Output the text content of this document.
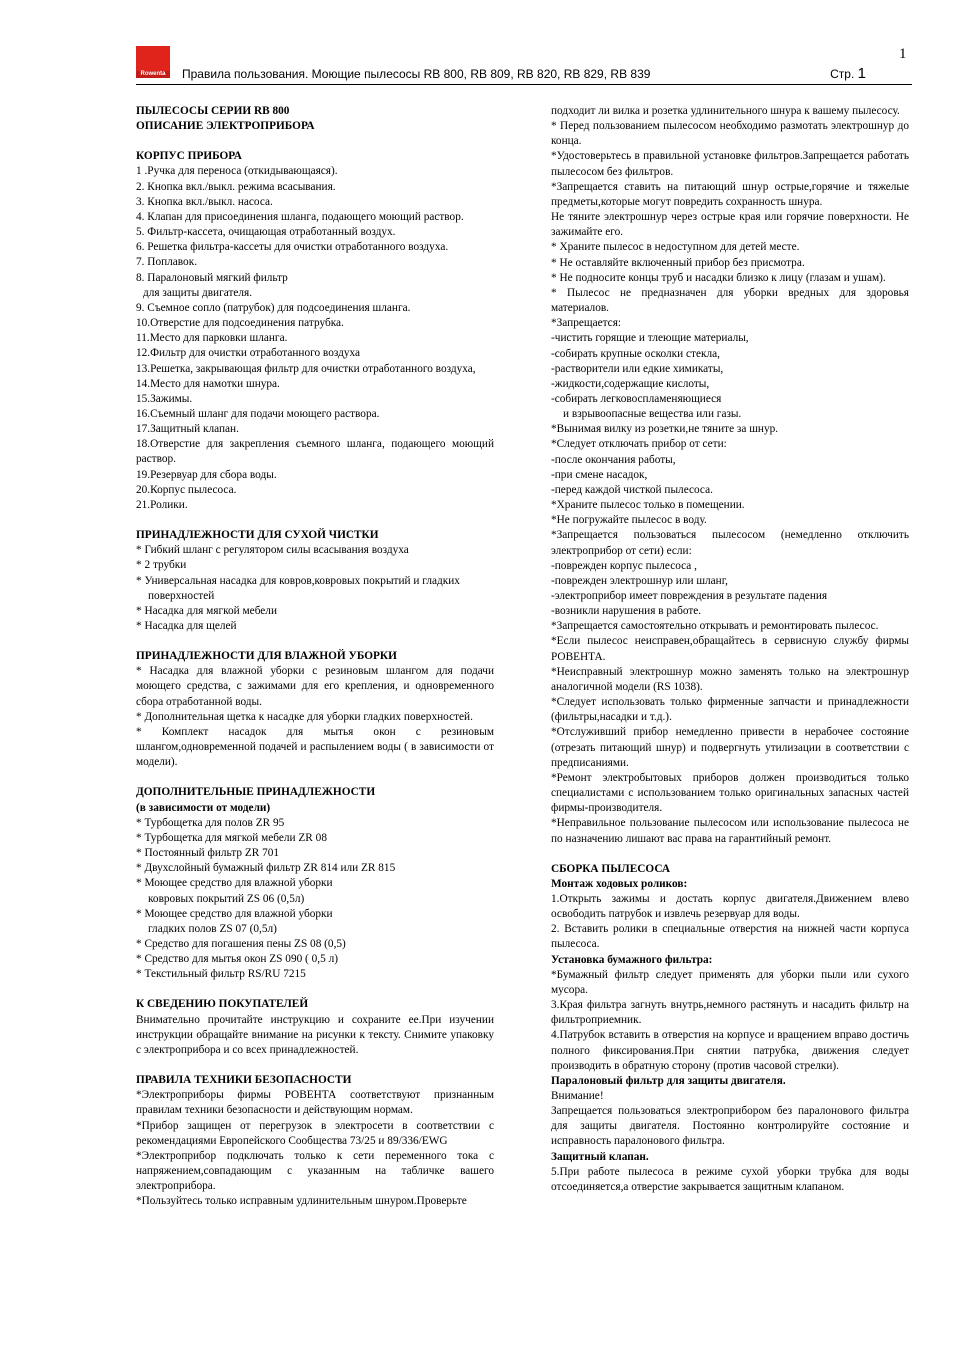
1
Rowenta	Правила пользования. Моющие пылесосы RB 800, RB 809, RB 820, RB 829, RB 839	Стр. 1
ПЫЛЕСОСЫ СЕРИИ RB 800
ОПИСАНИЕ ЭЛЕКТРОПРИБОРА
КОРПУС ПРИБОРА
1 .Ручка для переноса (откидывающаяся).
2. Кнопка вкл./выкл. режима всасывания.
3. Кнопка вкл./выкл. насоса.
4. Клапан для присоединения шланга, подающего моющий раствор.
5. Фильтр-кассета, очищающая отработанный воздух.
6. Решетка фильтра-кассеты для очистки отработанного воздуха.
7. Поплавок.
8. Паралоновый мягкий фильтр
для защиты двигателя.
9. Съемное сопло (патрубок) для подсоединения шланга.
10.Отверстие для подсоединения патрубка.
11.Место для парковки шланга.
12.Фильтр для очистки отработанного воздуха
13.Решетка, закрывающая фильтр для очистки отработанного воздуха,
14.Место для намотки шнура.
15.Зажимы.
16.Съемный шланг для подачи моющего раствора.
17.Защитный клапан.
18.Отверстие для закрепления съемного шланга, подающего моющий раствор.
19.Резервуар для сбора воды.
20.Корпус пылесоса.
21.Ролики.
ПРИНАДЛЕЖНОСТИ ДЛЯ СУХОЙ ЧИСТКИ
* Гибкий шланг с регулятором силы всасывания воздуха
* 2 трубки
* Универсальная насадка для ковров,ковровых покрытий и гладких
поверхностей
* Насадка для мягкой мебели
* Насадка для щелей
ПРИНАДЛЕЖНОСТИ ДЛЯ ВЛАЖНОЙ УБОРКИ
* Насадка для влажной уборки с резиновым шлангом для подачи моющего средства, с зажимами для его крепления, и одновременного сбора отработанной воды.
* Дополнительная щетка к насадке для уборки гладких поверхностей.
* Комплект насадок для мытья окон с резиновым шлангом,одновременной подачей и распылением воды ( в зависимости от модели).
ДОПОЛНИТЕЛЬНЫЕ ПРИНАДЛЕЖНОСТИ
(в зависимости от модели)
* Турбощетка для полов ZR 95
* Турбощетка для мягкой мебели ZR 08
* Постоянный фильтр ZR 701
* Двухслойный бумажный фильтр ZR 814 или ZR 815
* Моющее средство для влажной уборки
ковровых покрытий ZS 06 (0,5л)
* Моющее средство для влажной уборки
гладких полов ZS 07 (0,5л)
* Средство для погашения пены ZS 08 (0,5)
* Средство для мытья окон ZS 090 ( 0,5 л)
* Текстильный фильтр RS/RU 7215
К СВЕДЕНИЮ ПОКУПАТЕЛЕЙ
Внимательно прочитайте инструкцию и сохраните ее.При изучении инструкции обращайте внимание на рисунки к тексту. Снимите упаковку с электроприбора и со всех принадлежностей.
ПРАВИЛА ТЕХНИКИ БЕЗОПАСНОСТИ
*Электроприборы фирмы РОВЕНТА соответствуют признанным правилам техники безопасности и действующим нормам.
*Прибор защищен от перегрузок в электросети в соответствии с рекомендациями Европейского Сообщества 73/25 и 89/336/EWG
*Электроприбор подключать только к сети переменного тока с напряжением,совпадающим с указанным на табличке вашего электроприбора.
*Пользуйтесь только исправным удлинительным шнуром.Проверьте
подходит ли вилка и розетка удлинительного шнура к вашему пылесосу.
* Перед пользованием пылесосом необходимо размотать электрошнур до конца.
*Удостоверьтесь в правильной установке фильтров.Запрещается работать пылесосом без фильтров.
*Запрещается ставить на питающий шнур острые,горячие и тяжелые предметы,которые могут повредить сохранность шнура.
Не тяните электрошнур через острые края или горячие поверхности. Не зажимайте его.
* Храните пылесос в недоступном для детей месте.
* Не оставляйте включенный прибор без присмотра.
* Не подносите концы труб и насадки близко к лицу (глазам и ушам).
* Пылесос не предназначен для уборки вредных для здоровья материалов.
*Запрещается:
-чистить горящие и тлеющие материалы,
-собирать крупные осколки стекла,
-растворители или едкие химикаты,
-жидкости,содержащие кислоты,
-собирать легковоспламеняющиеся
и взрывоопасные вещества или газы.
*Вынимая вилку из розетки,не тяните за шнур.
*Следует отключать прибор от сети:
-после окончания работы,
-при смене насадок,
-перед каждой чисткой пылесоса.
*Храните пылесос только в помещении.
*Не погружайте пылесос в воду.
*Запрещается пользоваться пылесосом (немедленно отключить электроприбор от сети) если:
-поврежден корпус пылесоса ,
-поврежден электрошнур или шланг,
-электроприбор имеет повреждения в результате падения
-возникли нарушения в работе.
*Запрещается самостоятельно открывать и ремонтировать пылесос.
*Если пылесос неисправен,обращайтесь в сервисную службу фирмы РОВЕНТА.
*Неисправный электрошнур можно заменять только на электрошнур аналогичной модели (RS 1038).
*Следует использовать только фирменные запчасти и принадлежности (фильтры,насадки и т.д.).
*Отслуживший прибор немедленно привести в нерабочее состояние (отрезать питающий шнур) и подвергнуть утилизации в соответствии с предписаниями.
*Ремонт электробытовых приборов должен производиться только специалистами с использованием только оригинальных запасных частей фирмы-производителя.
*Неправильное пользование пылесосом или использование пылесоса не по назначению лишают вас права на гарантийный ремонт.
СБОРКА ПЫЛЕСОСА
Монтаж ходовых роликов:
1.Открыть зажимы и достать корпус двигателя.Движением влево освободить патрубок и извлечь резервуар для воды.
2. Вставить ролики в специальные отверстия на нижней части корпуса пылесоса.
Установка бумажного фильтра:
*Бумажный фильтр следует применять для уборки пыли или сухого мусора.
3.Края фильтра загнуть внутрь,немного растянуть и насадить фильтр на фильтроприемник.
4.Патрубок вставить в отверстия на корпусе и вращением вправо достичь полного фиксирования.При снятии патрубка, движения следует производить в обратную сторону (против часовой стрелки).
Паралоновый фильтр для защиты двигателя.
Внимание!
Запрещается пользоваться электроприбором без паралонового фильтра для защиты двигателя. Постоянно контролируйте состояние и исправность паралонового фильтра.
Защитный клапан.
5.При работе пылесоса в режиме сухой уборки трубка для воды отсоединяется,а отверстие закрывается защитным клапаном.
